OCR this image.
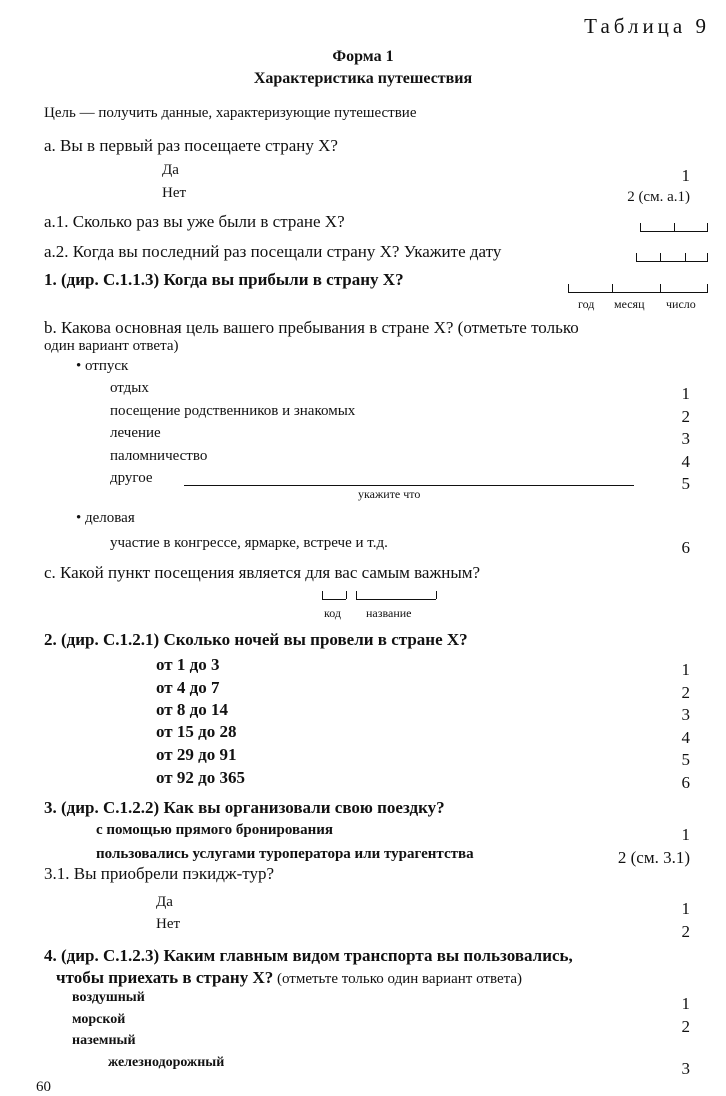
Таблица 9
Форма 1
Характеристика путешествия
Цель — получить данные, характеризующие путешествие
а. Вы в первый раз посещаете страну Х?
Да	1
Нет	2 (см. а.1)
а.1. Сколько раз вы уже были в стране Х?
а.2. Когда вы последний раз посещали страну Х? Укажите дату
1. (дир. С.1.1.3) Когда вы прибыли в страну Х?
год месяц число
b. Какова основная цель вашего пребывания в стране Х? (отметьте только
один вариант ответа)
• отпуск
отдых	1
посещение родственников и знакомых	2
лечение	3
паломничество	4
другое	5
укажите что
• деловая
участие в конгрессе, ярмарке, встрече и т.д.	6
с. Какой пункт посещения является для вас самым важным?
код название
2. (дир. С.1.2.1) Сколько ночей вы провели в стране Х?
от 1 до 3	1
от 4 до 7	2
от 8 до 14	3
от 15 до 28	4
от 29 до 91	5
от 92 до 365	6
3. (дир. С.1.2.2) Как вы организовали свою поездку?
с помощью прямого бронирования	1
пользовались услугами туроператора или турагентства	2 (см. 3.1)
3.1. Вы приобрели пэкидж-тур?
Да	1
Нет	2
4. (дир. С.1.2.3) Каким главным видом транспорта вы пользовались,
чтобы приехать в страну Х? (отметьте только один вариант ответа)
воздушный	1
морской	2
наземный
железнодорожный	3
60
